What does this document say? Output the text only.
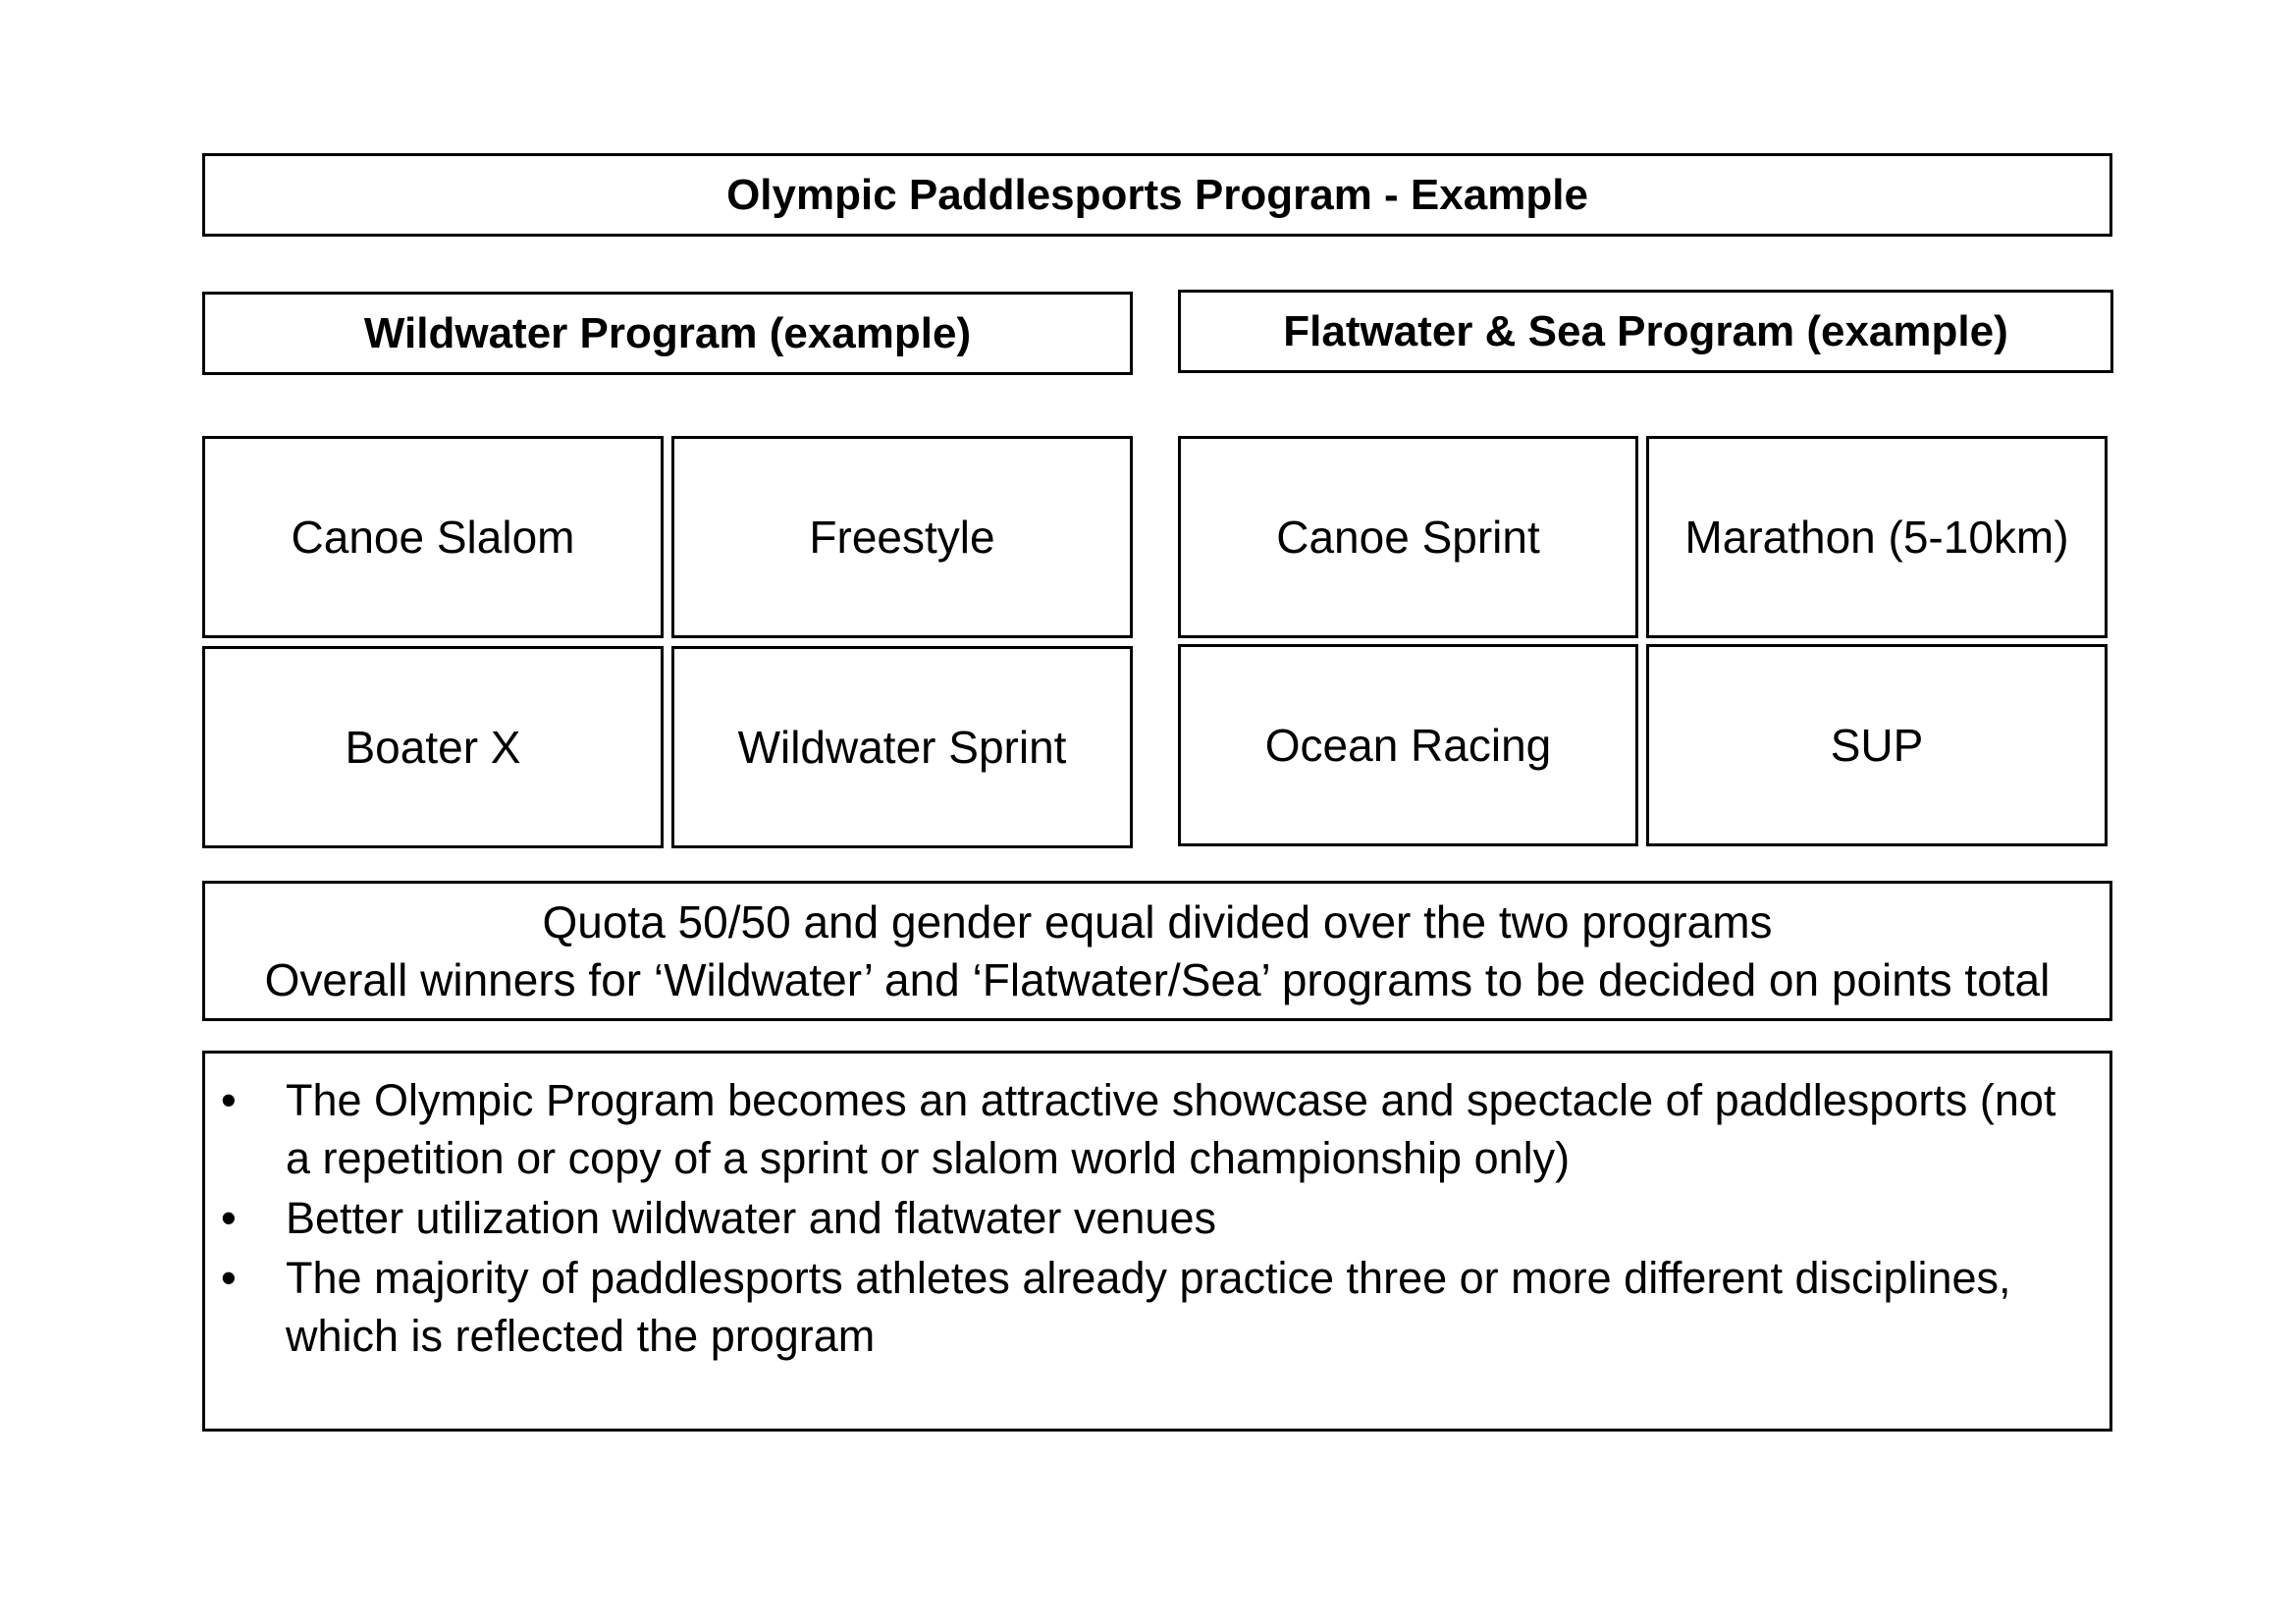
Olympic Paddlesports Program - Example
Wildwater Program (example)	Flatwater & Sea Program (example)
Canoe Slalom	Freestyle
Boater X	Wildwater Sprint
Canoe Sprint	Marathon (5-10km)
Ocean Racing	SUP
Quota 50/50 and gender equal divided over the two programs
Overall winners for ‘Wildwater’ and ‘Flatwater/Sea’ programs to be decided on points total
• The Olympic Program becomes an attractive showcase and spectacle of paddlesports (not a repetition or copy of a sprint or slalom world championship only)
• Better utilization wildwater and flatwater venues
• The majority of paddlesports athletes already practice three or more different disciplines, which is reflected the program
